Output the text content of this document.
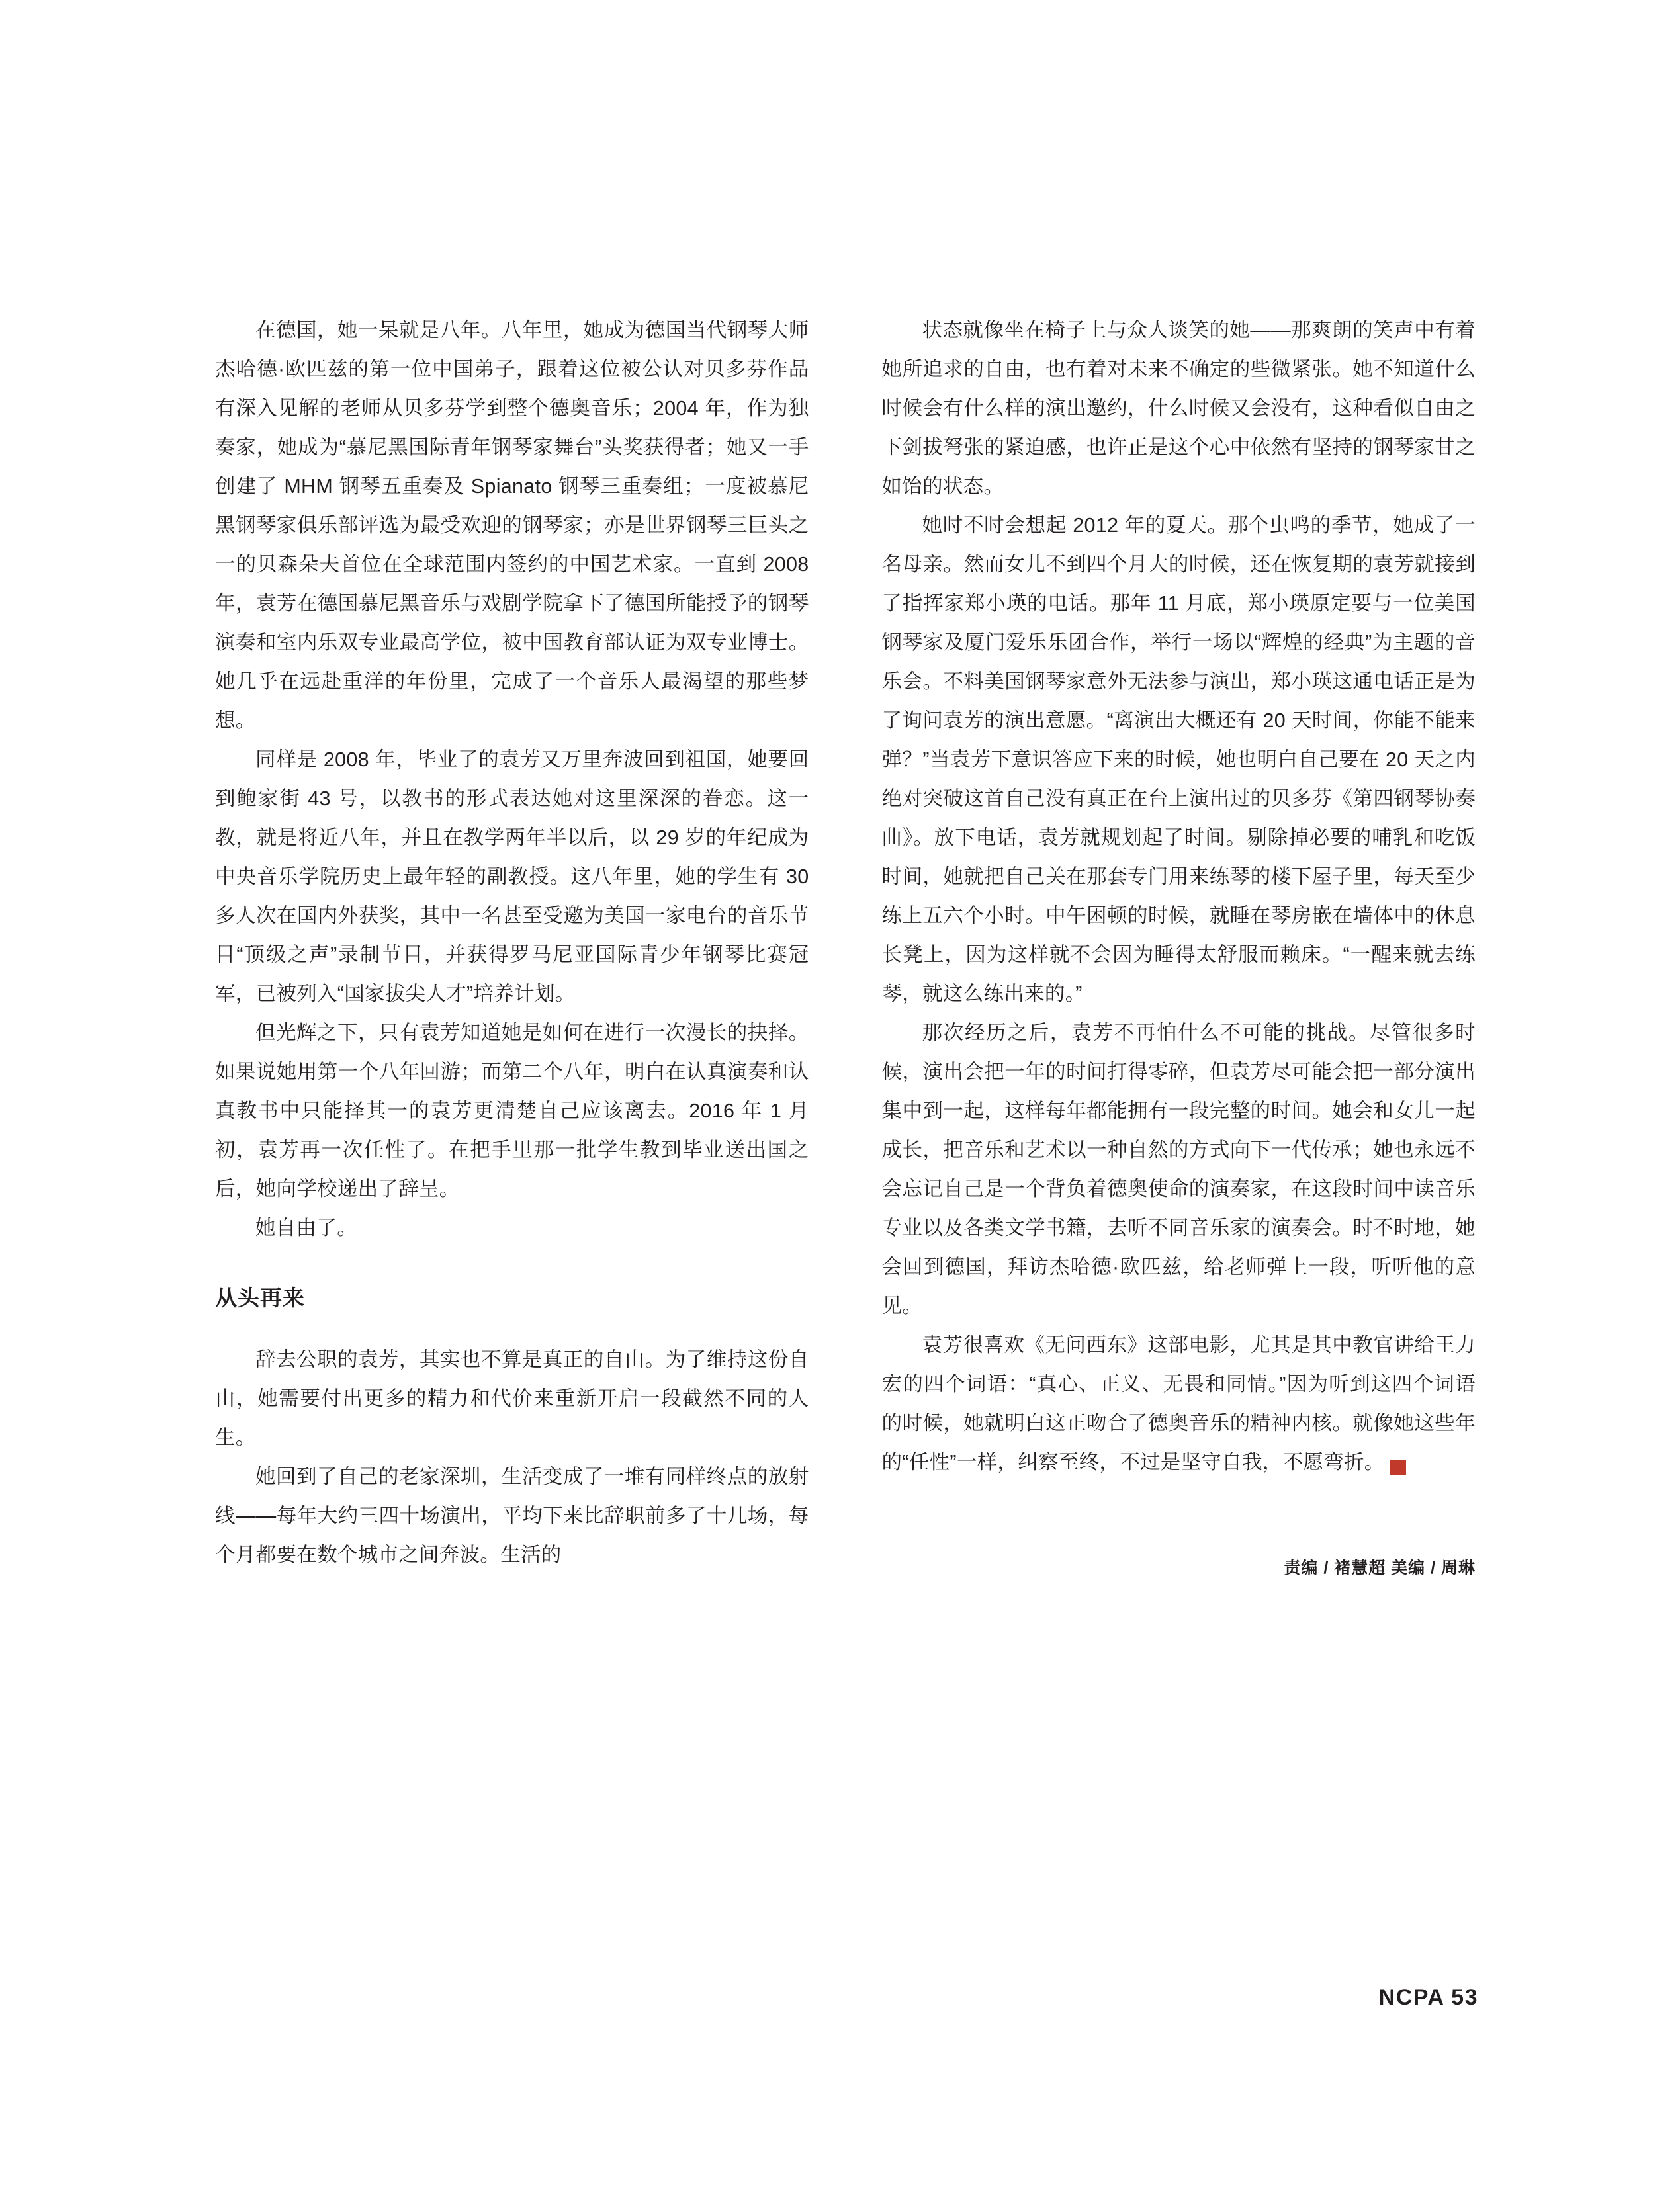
在德国，她一呆就是八年。八年里，她成为德国当代钢琴大师杰哈德·欧匹兹的第一位中国弟子，跟着这位被公认对贝多芬作品有深入见解的老师从贝多芬学到整个德奥音乐；2004 年，作为独奏家，她成为“慕尼黑国际青年钢琴家舞台”头奖获得者；她又一手创建了 MHM 钢琴五重奏及 Spianato 钢琴三重奏组；一度被慕尼黑钢琴家俱乐部评选为最受欢迎的钢琴家；亦是世界钢琴三巨头之一的贝森朵夫首位在全球范围内签约的中国艺术家。一直到 2008 年，袁芳在德国慕尼黑音乐与戏剧学院拿下了德国所能授予的钢琴演奏和室内乐双专业最高学位，被中国教育部认证为双专业博士。她几乎在远赴重洋的年份里，完成了一个音乐人最渴望的那些梦想。

同样是 2008 年，毕业了的袁芳又万里奔波回到祖国，她要回到鲍家街 43 号，以教书的形式表达她对这里深深的眷恋。这一教，就是将近八年，并且在教学两年半以后，以 29 岁的年纪成为中央音乐学院历史上最年轻的副教授。这八年里，她的学生有 30 多人次在国内外获奖，其中一名甚至受邀为美国一家电台的音乐节目“顶级之声”录制节目，并获得罗马尼亚国际青少年钢琴比赛冠军，已被列入“国家拔尖人才”培养计划。

但光辉之下，只有袁芳知道她是如何在进行一次漫长的抉择。如果说她用第一个八年回游；而第二个八年，明白在认真演奏和认真教书中只能择其一的袁芳更清楚自己应该离去。2016 年 1 月初，袁芳再一次任性了。在把手里那一批学生教到毕业送出国之后，她向学校递出了辞呈。

她自由了。

从头再来

辞去公职的袁芳，其实也不算是真正的自由。为了维持这份自由，她需要付出更多的精力和代价来重新开启一段截然不同的人生。

她回到了自己的老家深圳，生活变成了一堆有同样终点的放射线——每年大约三四十场演出，平均下来比辞职前多了十几场，每个月都要在数个城市之间奔波。生活的

状态就像坐在椅子上与众人谈笑的她——那爽朗的笑声中有着她所追求的自由，也有着对未来不确定的些微紧张。她不知道什么时候会有什么样的演出邀约，什么时候又会没有，这种看似自由之下剑拔弩张的紧迫感，也许正是这个心中依然有坚持的钢琴家甘之如饴的状态。

她时不时会想起 2012 年的夏天。那个虫鸣的季节，她成了一名母亲。然而女儿不到四个月大的时候，还在恢复期的袁芳就接到了指挥家郑小瑛的电话。那年 11 月底，郑小瑛原定要与一位美国钢琴家及厦门爱乐乐团合作，举行一场以“辉煌的经典”为主题的音乐会。不料美国钢琴家意外无法参与演出，郑小瑛这通电话正是为了询问袁芳的演出意愿。“离演出大概还有 20 天时间，你能不能来弹？”当袁芳下意识答应下来的时候，她也明白自己要在 20 天之内绝对突破这首自己没有真正在台上演出过的贝多芬《第四钢琴协奏曲》。放下电话，袁芳就规划起了时间。剔除掉必要的哺乳和吃饭时间，她就把自己关在那套专门用来练琴的楼下屋子里，每天至少练上五六个小时。中午困顿的时候，就睡在琴房嵌在墙体中的休息长凳上，因为这样就不会因为睡得太舒服而赖床。“一醒来就去练琴，就这么练出来的。”

那次经历之后，袁芳不再怕什么不可能的挑战。尽管很多时候，演出会把一年的时间打得零碎，但袁芳尽可能会把一部分演出集中到一起，这样每年都能拥有一段完整的时间。她会和女儿一起成长，把音乐和艺术以一种自然的方式向下一代传承；她也永远不会忘记自己是一个背负着德奥使命的演奏家，在这段时间中读音乐专业以及各类文学书籍，去听不同音乐家的演奏会。时不时地，她会回到德国，拜访杰哈德·欧匹兹，给老师弹上一段，听听他的意见。

袁芳很喜欢《无问西东》这部电影，尤其是其中教官讲给王力宏的四个词语：“真心、正义、无畏和同情。”因为听到这四个词语的时候，她就明白这正吻合了德奥音乐的精神内核。就像她这些年的“任性”一样，纠察至终，不过是坚守自我，不愿弯折。	尾

责编 / 褚慧超 美编 / 周琳
NCPA 53
